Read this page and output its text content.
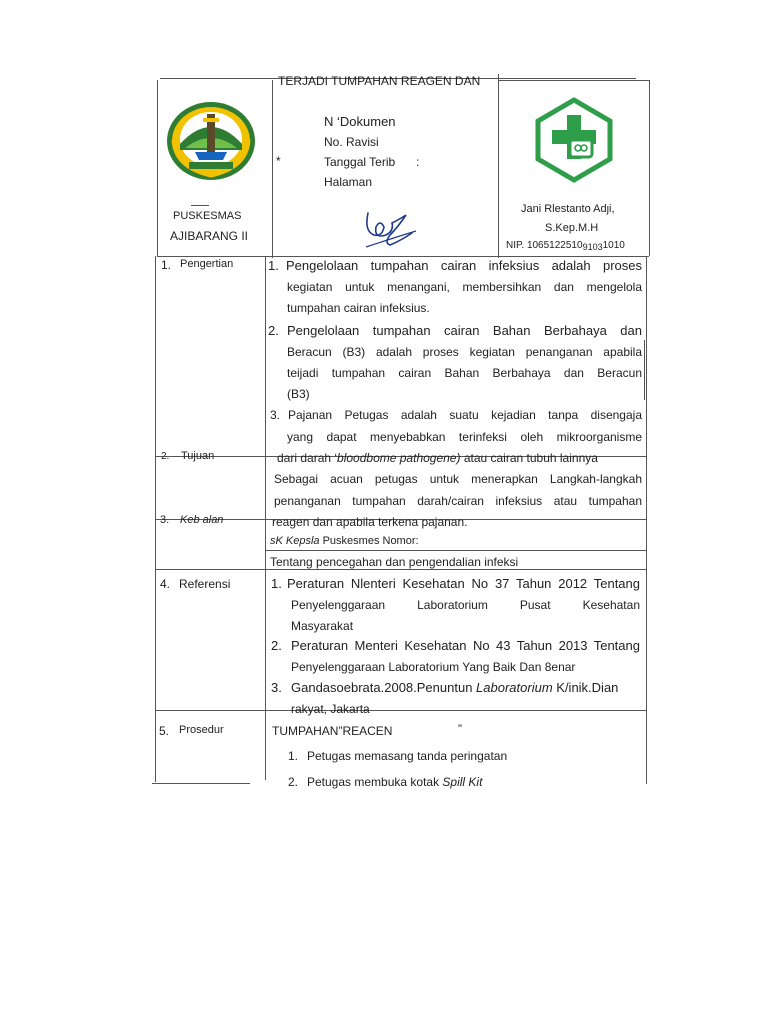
TERJADI TUMPAHAN REAGEN DAN
PUSKESMAS
AJIBARANG II
*
N ‘Dokumen
No. Ravisi
Tanggal Terib :
Halaman
Jani Rlestanto Adȷi,
S.Kep.M.H
NIP. 106512251091031010
1. Pengertian	1. Pengelolaan tumpahan cairan infeksius adalah proses
kegiatan untuk menangani, membersihkan dan mengelola
tumpahan cairan infeksius.
2. Pengelolaan tumpahan cairan Bahan Berbahaya dan
Beracun (B3) adalah proses kegiatan penanganan apabila
teijadi tumpahan cairan Bahan Berbahaya dan Beracun
(B3)
3. Pajanan Petugas adalah suatu kejadian tanpa disengaja
yang dapat menyebabkan terinfeksi oleh mikroorganisme
dari darah ‘bloodbome pathogene) atau cairan tubuh lainnya
2. Tujuan
Sebagai acuan petugas untuk menerapkan Langkah-langkah
penanganan tumpahan darah/cairan infeksius atau tumpahan
reagen dan apabila terkena pajanan.
3. Keb alan
sK Kepsla Puskesmes Nomor:
Tentang pencegahan dan pengendalian infeksi
4. Referensi	1. Peraturan Nlenteri Kesehatan No 37 Tahun 2012 Tentang
Penyelenggaraan Laboratorium Pusat Kesehatan
Masyarakat
2. Peraturan Menteri Kesehatan No 43 Tahun 2013 Tentang
Penyelenggaraan Laboratorium Yang Baik Dan 8enar
3. Gandasoebrata.2008.Penuntun Laboratorium K/inik.Dian
rakyat, Jakarta
5. Prosedur	TUMPAHAN”REACEN	”
1. Petugas memasang tanda peringatan
2. Petugas membuka kotak Spill Kit
